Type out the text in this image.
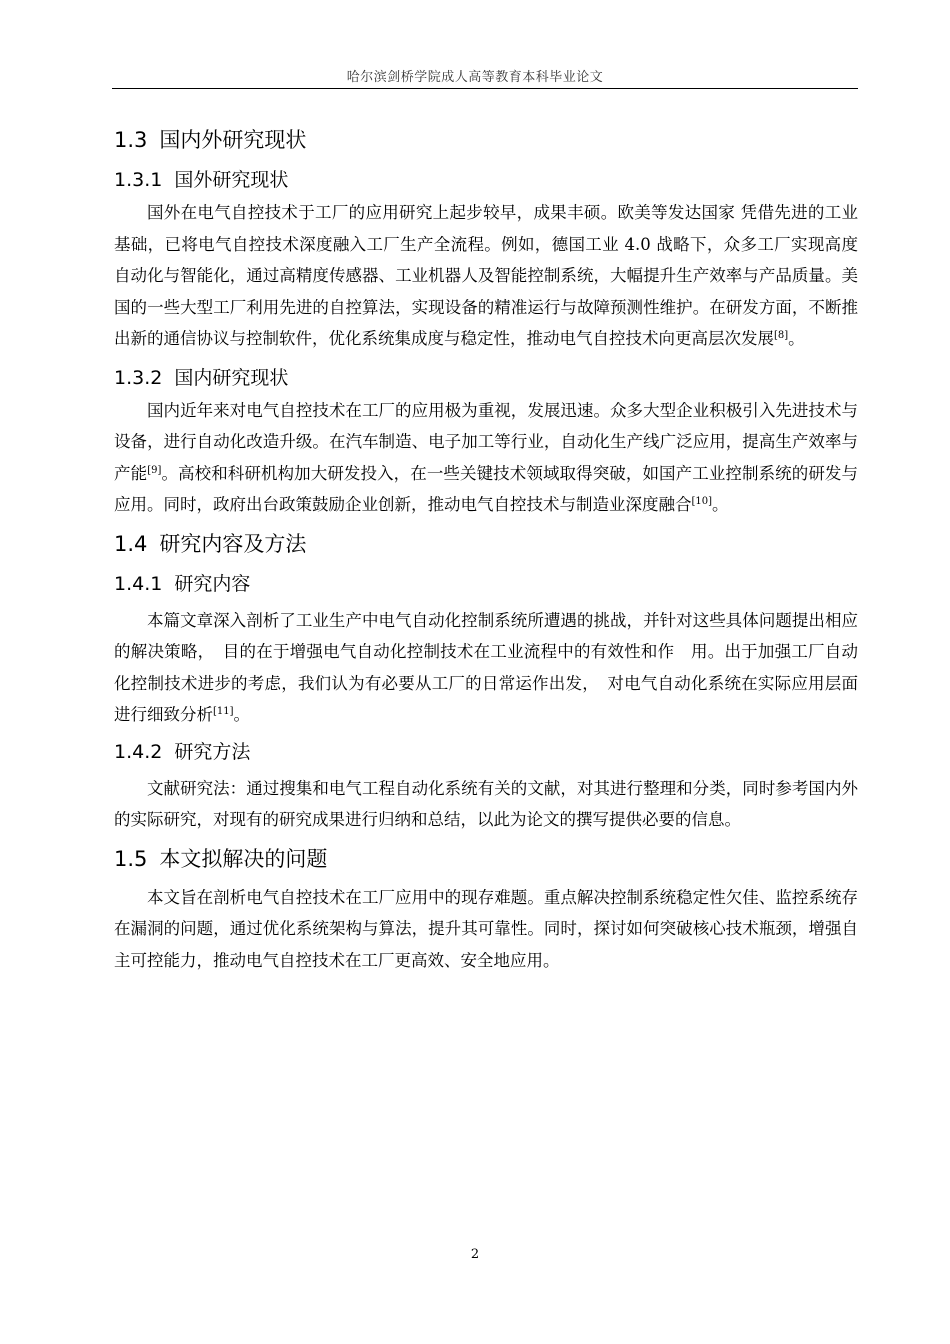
哈尔滨剑桥学院成人高等教育本科毕业论文
1.3 国内外研究现状
1.3.1 国外研究现状

国外在电气自控技术于工厂的应用研究上起步较早，成果丰硕。欧美等发达国家 凭借先进的工业基础，已将电气自控技术深度融入工厂生产全流程。例如，德国工业 4.0 战略下，众多工厂实现高度自动化与智能化，通过高精度传感器、工业机器人及智能控制系统，大幅提升生产效率与产品质量。美国的一些大型工厂利用先进的自控算法，实现设备的精准运行与故障预测性维护。在研发方面，不断推出新的通信协议与控制软件，优化系统集成度与稳定性，推动电气自控技术向更高层次发展[8]。

1.3.2 国内研究现状

国内近年来对电气自控技术在工厂的应用极为重视，发展迅速。众多大型企业积极引入先进技术与设备，进行自动化改造升级。在汽车制造、电子加工等行业，自动化生产线广泛应用，提高生产效率与产能[9]。高校和科研机构加大研发投入，在一些关键技术领域取得突破，如国产工业控制系统的研发与应用。同时，政府出台政策鼓励企业创新，推动电气自控技术与制造业深度融合[10]。

1.4 研究内容及方法
1.4.1 研究内容

本篇文章深入剖析了工业生产中电气自动化控制系统所遭遇的挑战，并针对这些具体问题提出相应的解决策略，　目的在于增强电气自动化控制技术在工业流程中的有效性和作　用。出于加强工厂自动化控制技术进步的考虑，我们认为有必要从工厂的日常运作出发，　对电气自动化系统在实际应用层面进行细致分析[11]。

1.4.2 研究方法

文献研究法：通过搜集和电气工程自动化系统有关的文献，对其进行整理和分类，同时参考国内外的实际研究，对现有的研究成果进行归纳和总结，以此为论文的撰写提供必要的信息。

1.5 本文拟解决的问题

本文旨在剖析电气自控技术在工厂应用中的现存难题。重点解决控制系统稳定性欠佳、监控系统存在漏洞的问题，通过优化系统架构与算法，提升其可靠性。同时，探讨如何突破核心技术瓶颈，增强自主可控能力，推动电气自控技术在工厂更高效、安全地应用。

2
